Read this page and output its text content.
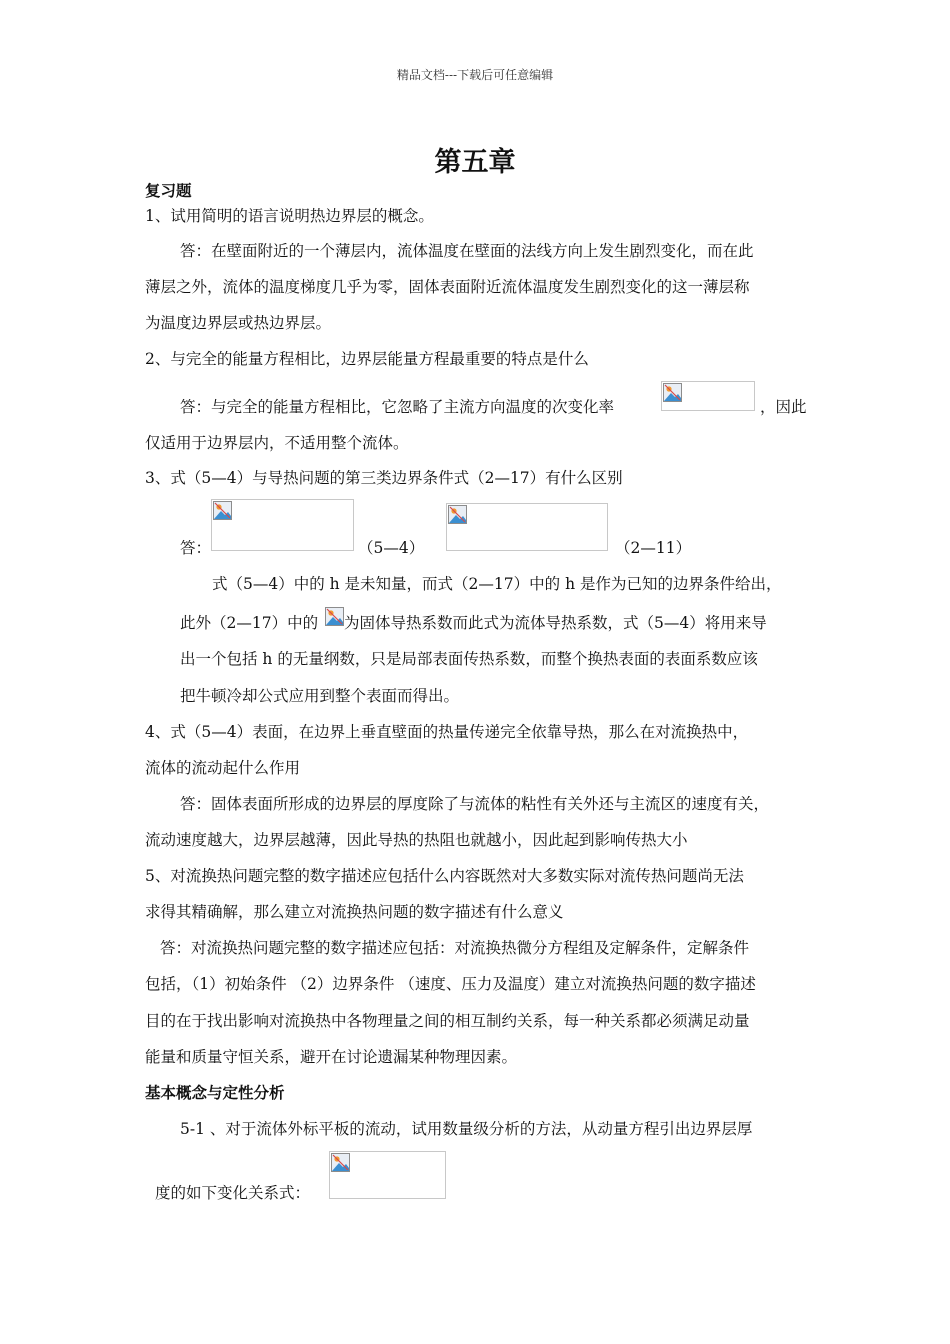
精品文档---下载后可任意编辑
第五章
复习题
1、试用简明的语言说明热边界层的概念。
答：在壁面附近的一个薄层内，流体温度在壁面的法线方向上发生剧烈变化，而在此
薄层之外，流体的温度梯度几乎为零，固体表面附近流体温度发生剧烈变化的这一薄层称
为温度边界层或热边界层。
2、与完全的能量方程相比，边界层能量方程最重要的特点是什么
答：与完全的能量方程相比，它忽略了主流方向温度的次变化率	，因此
仅适用于边界层内，不适用整个流体。
3、式（5—4）与导热问题的第三类边界条件式（2—17）有什么区别
答：	（5—4）	（2—11）
式（5—4）中的 h 是未知量，而式（2—17）中的 h 是作为已知的边界条件给出，
此外（2—17）中的 为固体导热系数而此式为流体导热系数，式（5—4）将用来导
出一个包括 h 的无量纲数，只是局部表面传热系数，而整个换热表面的表面系数应该
把牛顿冷却公式应用到整个表面而得出。
4、式（5—4）表面，在边界上垂直壁面的热量传递完全依靠导热，那么在对流换热中，
流体的流动起什么作用
答：固体表面所形成的边界层的厚度除了与流体的粘性有关外还与主流区的速度有关，
流动速度越大，边界层越薄，因此导热的热阻也就越小，因此起到影响传热大小
5、对流换热问题完整的数字描述应包括什么内容既然对大多数实际对流传热问题尚无法
求得其精确解，那么建立对流换热问题的数字描述有什么意义
答：对流换热问题完整的数字描述应包括：对流换热微分方程组及定解条件，定解条件
包括，（1）初始条件 （2）边界条件 （速度、压力及温度）建立对流换热问题的数字描述
目的在于找出影响对流换热中各物理量之间的相互制约关系，每一种关系都必须满足动量
能量和质量守恒关系，避开在讨论遗漏某种物理因素。
基本概念与定性分析
5-1 、对于流体外标平板的流动，试用数量级分析的方法，从动量方程引出边界层厚
度的如下变化关系式：
